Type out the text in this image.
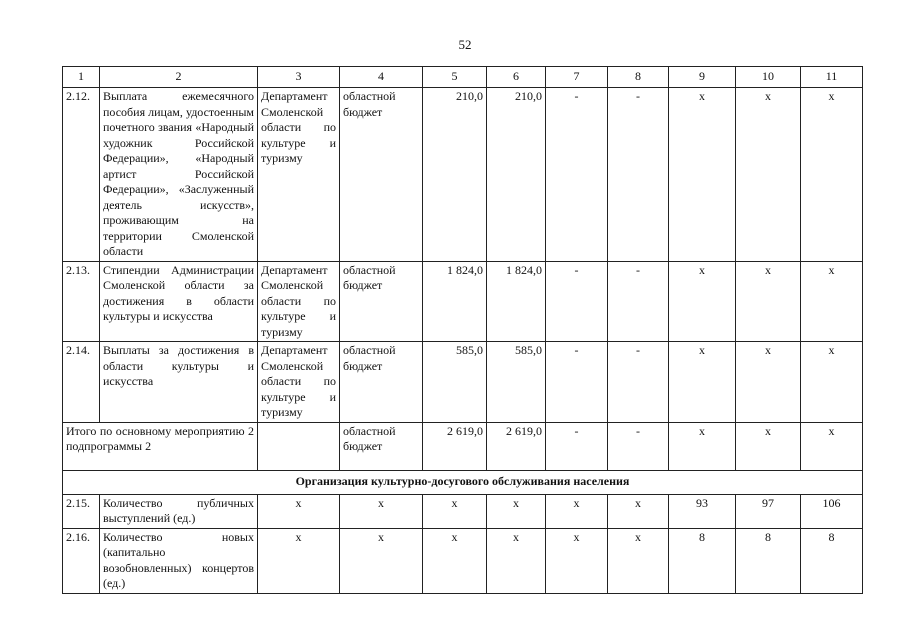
52
1	2	3	4	5	6	7	8	9	10	11
2.12.	Выплата ежемесячного пособия лицам, удостоенным почетного звания «Народный художник Российской Федерации», «Народный артист Российской Федерации», «Заслуженный деятель искусств», проживающим на территории Смоленской области	Департамент Смоленской области по культуре и туризму	областной бюджет	210,0	210,0	-	-	х	х	х
2.13.	Стипендии Администрации Смоленской области за достижения в области культуры и искусства	Департамент Смоленской области по культуре и туризму	областной бюджет	1 824,0	1 824,0	-	-	х	х	х
2.14.	Выплаты за достижения в области культуры и искусства	Департамент Смоленской области по культуре и туризму	областной бюджет	585,0	585,0	-	-	х	х	х
Итого по основному мероприятию 2 подпрограммы 2			областной бюджет	2 619,0	2 619,0	-	-	х	х	х
Организация культурно-досугового обслуживания населения										
2.15.	Количество публичных выступлений (ед.)	х	х	х	х	х	х	93	97	106
2.16.	Количество новых (капитально возобновленных) концертов (ед.)	х	х	х	х	х	х	8	8	8
